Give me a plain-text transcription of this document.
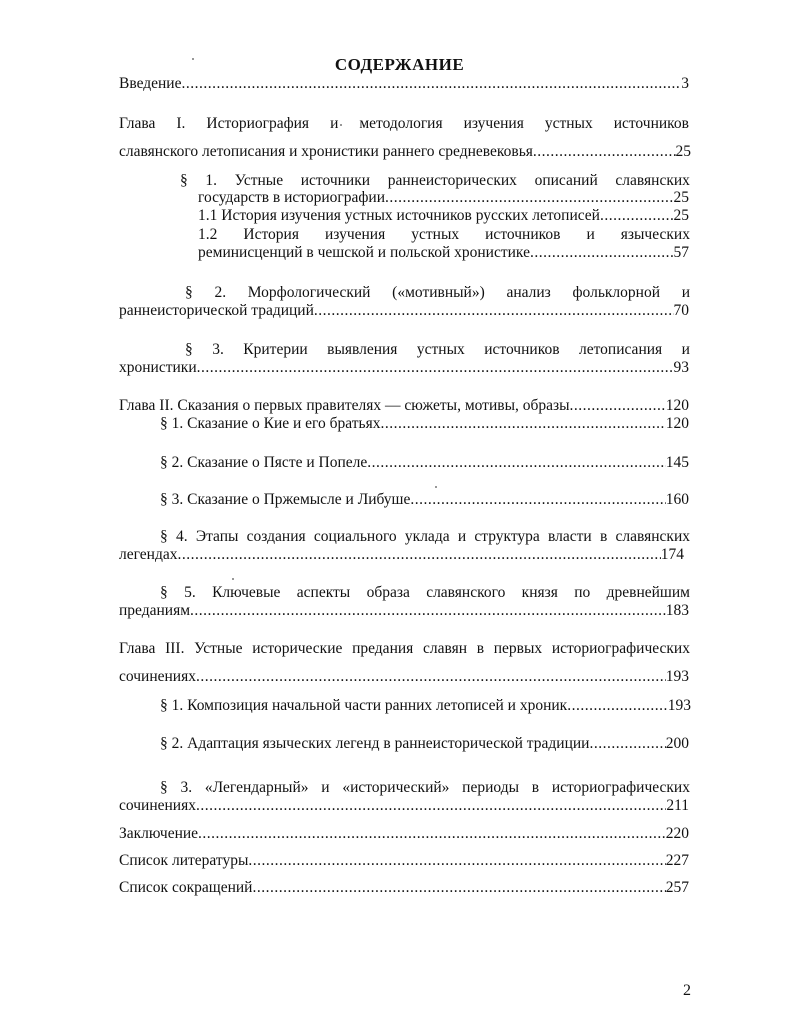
СОДЕРЖАНИЕ
Введение .....	3
Глава I. Историография и методология изучения устных источников
славянского летописания и хронистики раннего средневековья .....	25
§ 1. Устные источники раннеисторических описаний славянских
государств в историографии .....	25
1.1 История изучения устных источников русских летописей .....	25
1.2 История изучения устных источников и языческих
реминисценций в чешской и польской хронистике .....	57
§ 2. Морфологический («мотивный») анализ фольклорной и
раннеисторической традиций .....	70
§ 3. Критерии выявления устных источников летописания и
хронистики .....	93
Глава II. Сказания о первых правителях — сюжеты, мотивы, образы .....	120
§ 1. Сказание о Кие и его братьях .....	120
§ 2. Сказание о Пясте и Попеле .....	145
§ 3. Сказание о Пржемысле и Либуше .....	160
§ 4. Этапы создания социального уклада и структура власти в славянских
легендах .....	174
§ 5. Ключевые аспекты образа славянского князя по древнейшим
преданиям .....	183
Глава III. Устные исторические предания славян в первых историографических
сочинениях .....	193
§ 1. Композиция начальной части ранних летописей и хроник .....	193
§ 2. Адаптация языческих легенд в раннеисторической традиции .....	200
§ 3. «Легендарный» и «исторический» периоды в историографических
сочинениях .....	211
Заключение .....	220
Список литературы .....	227
Список сокращений .....	257
2
